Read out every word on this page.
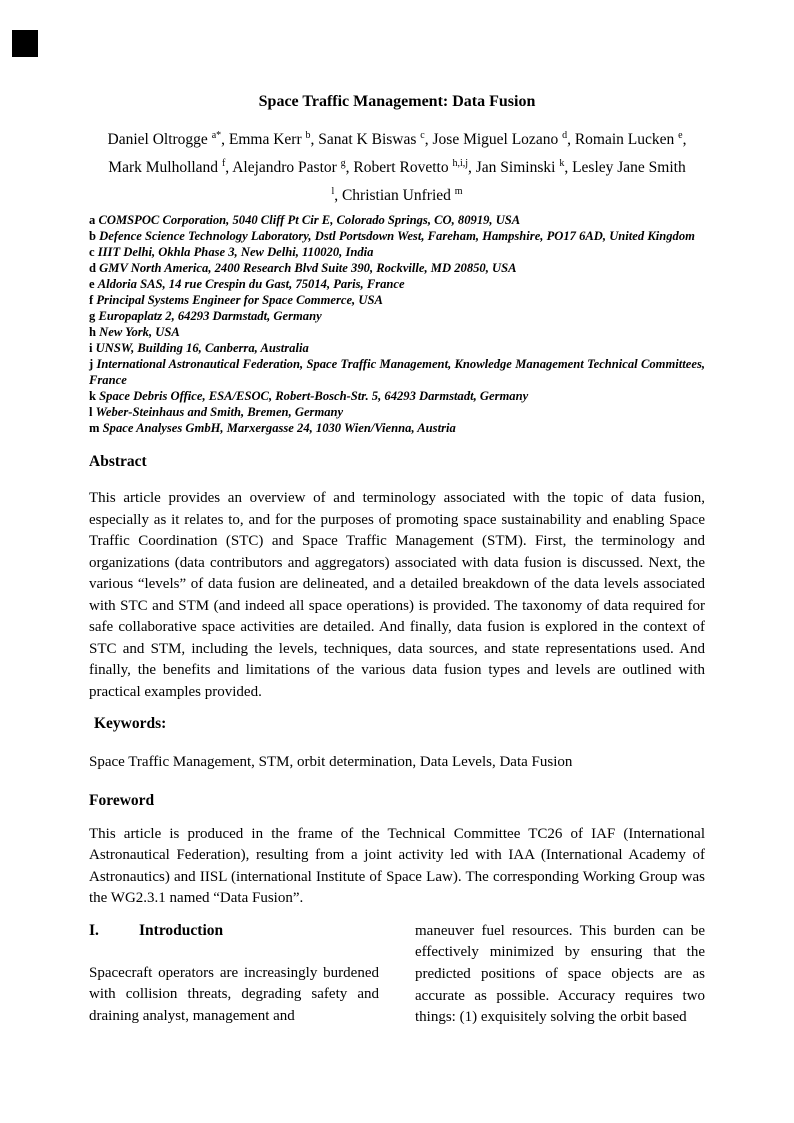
Space Traffic Management: Data Fusion
Daniel Oltrogge $^{a*}$, Emma Kerr $^b$, Sanat K Biswas $^c$, Jose Miguel Lozano $^d$, Romain Lucken $^e$,
Mark Mulholland $^f$, Alejandro Pastor $^g$, Robert Rovetto $^{h,i,j}$, Jan Siminski $^k$, Lesley Jane Smith
$^l$, Christian Unfried $^m$
a COMSPOC Corporation, 5040 Cliff Pt Cir E, Colorado Springs, CO, 80919, USA
b Defence Science Technology Laboratory, Dstl Portsdown West, Fareham, Hampshire, PO17 6AD, United Kingdom
c IIIT Delhi, Okhla Phase 3, New Delhi, 110020, India
d GMV North America, 2400 Research Blvd Suite 390, Rockville, MD 20850, USA
e Aldoria SAS, 14 rue Crespin du Gast, 75014, Paris, France
f Principal Systems Engineer for Space Commerce, USA
g Europaplatz 2, 64293 Darmstadt, Germany
h New York, USA
i UNSW, Building 16, Canberra, Australia
j International Astronautical Federation, Space Traffic Management, Knowledge Management Technical Committees, France
k Space Debris Office, ESA/ESOC, Robert-Bosch-Str. 5, 64293 Darmstadt, Germany
l Weber-Steinhaus and Smith, Bremen, Germany
m Space Analyses GmbH, Marxergasse 24, 1030 Wien/Vienna, Austria
Abstract
This article provides an overview of and terminology associated with the topic of data fusion, especially as it relates to, and for the purposes of promoting space sustainability and enabling Space Traffic Coordination (STC) and Space Traffic Management (STM). First, the terminology and organizations (data contributors and aggregators) associated with data fusion is discussed. Next, the various “levels” of data fusion are delineated, and a detailed breakdown of the data levels associated with STC and STM (and indeed all space operations) is provided. The taxonomy of data required for safe collaborative space activities are detailed. And finally, data fusion is explored in the context of STC and STM, including the levels, techniques, data sources, and state representations used. And finally, the benefits and limitations of the various data fusion types and levels are outlined with practical examples provided.
Keywords:
Space Traffic Management, STM, orbit determination, Data Levels, Data Fusion
Foreword
This article is produced in the frame of the Technical Committee TC26 of IAF (International Astronautical Federation), resulting from a joint activity led with IAA (International Academy of Astronautics) and IISL (international Institute of Space Law). The corresponding Working Group was the WG2.3.1 named “Data Fusion”.
I.	Introduction
Spacecraft operators are increasingly burdened with collision threats, degrading safety and draining analyst, management and
maneuver fuel resources. This burden can be effectively minimized by ensuring that the predicted positions of space objects are as accurate as possible. Accuracy requires two things: (1) exquisitely solving the orbit based
